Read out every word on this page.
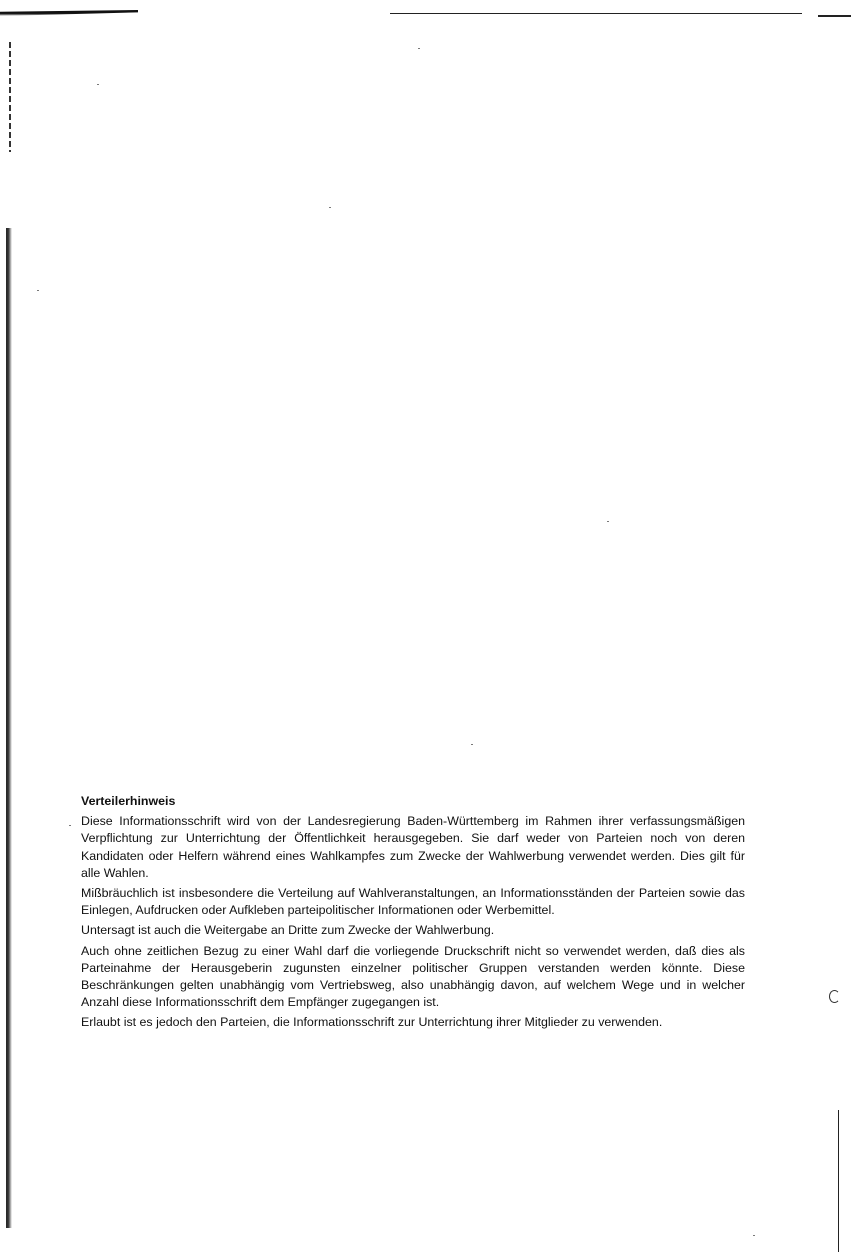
Verteilerhinweis

Diese Informationsschrift wird von der Landesregierung Baden-Württemberg im Rahmen ihrer verfassungsmäßigen Verpflichtung zur Unterrichtung der Öffentlichkeit herausgegeben. Sie darf weder von Parteien noch von deren Kandidaten oder Helfern während eines Wahlkampfes zum Zwecke der Wahlwerbung verwendet werden. Dies gilt für alle Wahlen.

Mißbräuchlich ist insbesondere die Verteilung auf Wahlveranstaltungen, an Informationsständen der Parteien sowie das Einlegen, Aufdrucken oder Aufkleben parteipolitischer Informationen oder Werbemittel.

Untersagt ist auch die Weitergabe an Dritte zum Zwecke der Wahlwerbung.

Auch ohne zeitlichen Bezug zu einer Wahl darf die vorliegende Druckschrift nicht so verwendet werden, daß dies als Parteinahme der Herausgeberin zugunsten einzelner politischer Gruppen verstanden werden könnte. Diese Beschränkungen gelten unabhängig vom Vertriebsweg, also unabhängig davon, auf welchem Wege und in welcher Anzahl diese Informationsschrift dem Empfänger zugegangen ist.

Erlaubt ist es jedoch den Parteien, die Informationsschrift zur Unterrichtung ihrer Mitglieder zu verwenden.
